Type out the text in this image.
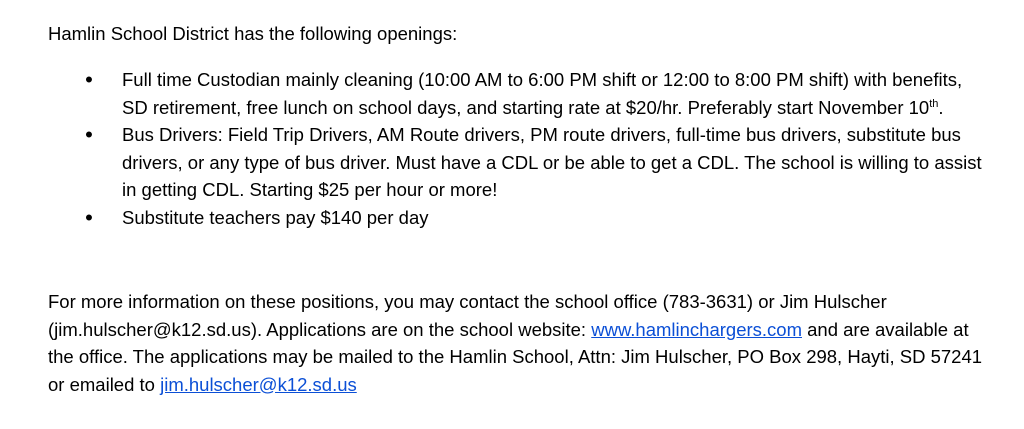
Hamlin School District has the following openings:

•
Full time Custodian mainly cleaning (10:00 AM to 6:00 PM shift or 12:00 to 8:00 PM shift) with benefits, SD retirement, free lunch on school days, and starting rate at $20/hr. Preferably start November 10th.
•
Bus Drivers: Field Trip Drivers, AM Route drivers, PM route drivers, full-time bus drivers, substitute bus drivers, or any type of bus driver. Must have a CDL or be able to get a CDL. The school is willing to assist in getting CDL. Starting $25 per hour or more!
•
Substitute teachers pay $140 per day

For more information on these positions, you may contact the school office (783-3631) or Jim Hulscher (jim.hulscher@k12.sd.us). Applications are on the school website: www.hamlinchargers.com and are available at the office. The applications may be mailed to the Hamlin School, Attn: Jim Hulscher, PO Box 298, Hayti, SD 57241 or emailed to jim.hulscher@k12.sd.us
